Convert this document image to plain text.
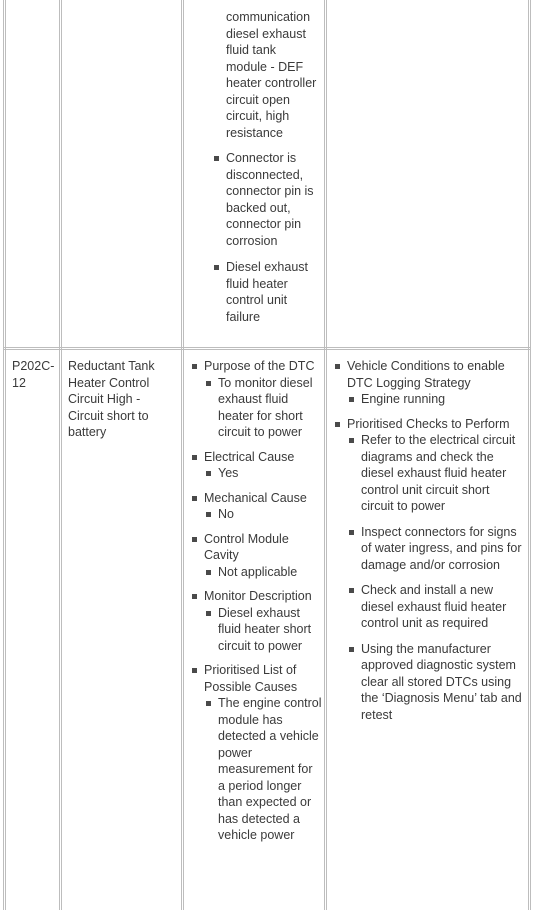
communication diesel exhaust fluid tank module - DEF heater controller circuit open circuit, high resistance
Connector is disconnected, connector pin is backed out, connector pin corrosion
Diesel exhaust fluid heater control unit failure
P202C-12
Reductant Tank Heater Control Circuit High - Circuit short to battery
Purpose of the DTC
To monitor diesel exhaust fluid heater for short circuit to power
Electrical Cause
Yes
Mechanical Cause
No
Control Module Cavity
Not applicable
Monitor Description
Diesel exhaust fluid heater short circuit to power
Prioritised List of Possible Causes
The engine control module has detected a vehicle power measurement for a period longer than expected or has detected a vehicle power
Vehicle Conditions to enable DTC Logging Strategy
Engine running
Prioritised Checks to Perform
Refer to the electrical circuit diagrams and check the diesel exhaust fluid heater control unit circuit short circuit to power
Inspect connectors for signs of water ingress, and pins for damage and/or corrosion
Check and install a new diesel exhaust fluid heater control unit as required
Using the manufacturer approved diagnostic system clear all stored DTCs using the ‘Diagnosis Menu’ tab and retest
